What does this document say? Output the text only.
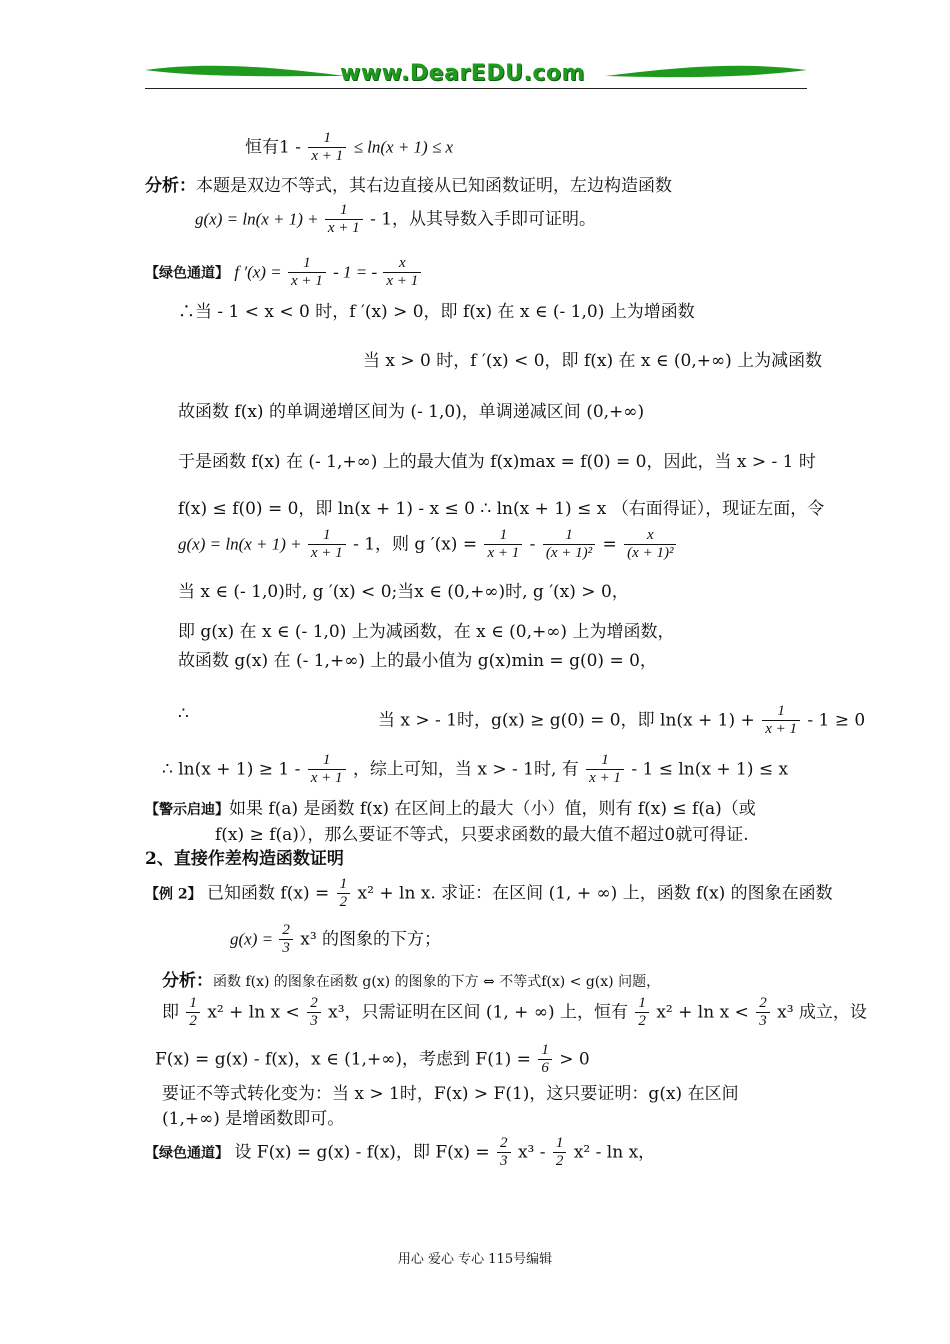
www.DearEDU.com
恒有$1 - \frac{1}{x + 1} \le \ln(x + 1) \le x$
分析：本题是双边不等式，其右边直接从已知函数证明，左边构造函数
$g(x) = \ln(x + 1) + \frac{1}{x + 1} - 1$，从其导数入手即可证明。
【绿色通道】 f $'(x) = \frac{1}{x + 1} - 1$ = - $\frac{x}{x + 1}$
∴当 - 1 < x < 0 时，f ′(x) > 0，即 f(x) 在 x ∈ (- 1,0) 上为增函数
当 x > 0 时，f ′(x) < 0，即 f(x) 在 x ∈ (0,+∞) 上为减函数
故函数 f(x) 的单调递增区间为 (- 1,0)，单调递减区间 (0,+∞)
于是函数 f(x) 在 (- 1,+∞) 上的最大值为 f(x)max = f(0) = 0，因此，当 x > - 1 时
f(x) ≤ f(0) = 0，即 ln(x + 1) - x ≤ 0 ∴ ln(x + 1) ≤ x （右面得证），现证左面，令
$g(x) = \ln(x + 1) + \frac{1}{x + 1} - 1$，则 g $'(x) = \frac{1}{x + 1} - \frac{1}{\text{(x + 1)²}} = \frac{x}{\text{(x + 1)²}}$
当 x ∈ (- 1,0)时, g ′(x) < 0;当x ∈ (0,+∞)时, g ′(x) > 0，
即 g(x) 在 x ∈ (- 1,0) 上为减函数，在 x ∈ (0,+∞) 上为增函数，
故函数 g(x) 在 (- 1,+∞) 上的最小值为 g(x)min = g(0) = 0，
∴	当 x > - 1时，g(x) ≥ g(0) = 0，即 $\ln(x + 1) + \frac{1}{x + 1} - 1 \ge 0$
∴ $\ln(x + 1) \ge 1 - \frac{1}{x + 1}$ ，综上可知，当 x > - 1时, 有 $\frac{1}{x + 1} - 1 \le \ln(x + 1) \le x$
【警示启迪】如果 f(a) 是函数 f(x) 在区间上的最大（小）值，则有 f(x) ≤ f(a)（或
f(x) ≥ f(a)），那么要证不等式，只要求函数的最大值不超过0就可得证.
2、直接作差构造函数证明
【例 2】 已知函数 $f(x) = \frac{1}{2} x^2 + \ln x$. 求证：在区间 (1, + ∞) 上，函数 f(x) 的图象在函数
$g(x) = \frac{2}{3} x^3$ 的图象的下方；
分析：函数 f(x) 的图象在函数 g(x) 的图象的下方 ⇔ 不等式f(x) < g(x) 问题，
即 $\frac{1}{2} x^2 + \ln x < \frac{2}{3} x^3$，只需证明在区间 (1, + ∞) 上，恒有 $\frac{1}{2} x^2 + \ln x < \frac{2}{3} x^3$ 成立，设
F(x) = g(x) - f(x)，x ∈ (1,+∞)，考虑到 $F(1) = \frac{1}{6} > 0$
要证不等式转化变为：当 x > 1时，F(x) > F(1)，这只要证明：g(x) 在区间
(1,+∞) 是增函数即可。
【绿色通道】 设 F(x) = g(x) - f(x)，即 $F(x) = \frac{2}{3} x^3 - \frac{1}{2} x^2 - \ln x$，
用心 爱心 专心 115号编辑
